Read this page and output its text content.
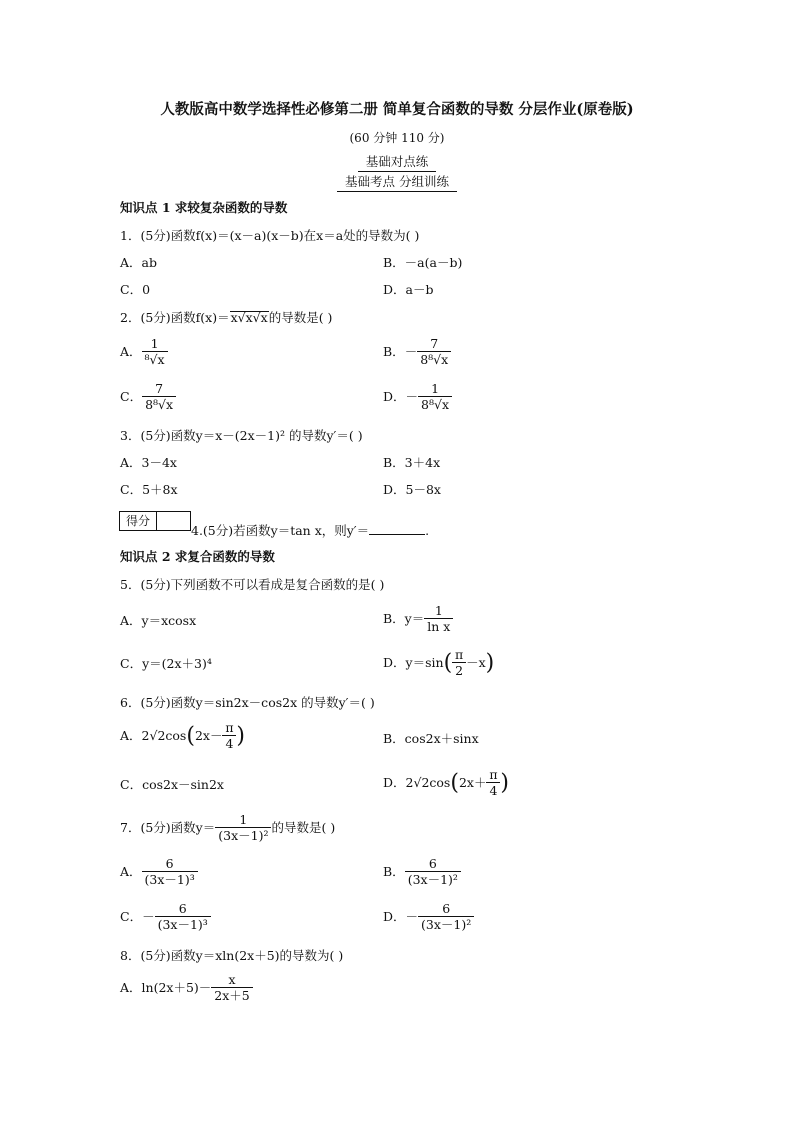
人教版高中数学选择性必修第二册 简单复合函数的导数 分层作业(原卷版)
(60 分钟 110 分)
基础对点练
基础考点 分组训练
知识点 1 求较复杂函数的导数
1．(5分)函数f(x)＝(x－a)(x－b)在x＝a处的导数为( )
A．ab	B．－a(a－b)
C．0	D．a－b
2．(5分)函数f(x)＝x√x√x的导数是( )
A． $\frac{1}{\text{⁸√x}}$	B．－ $\frac{7}{\text{8⁸√x}}$
C． $\frac{7}{\text{8⁸√x}}$	D．－ $\frac{1}{\text{8⁸√x}}$
3．(5分)函数y＝x－(2x－1)² 的导数y′＝( )
A．3－4x	B．3＋4x
C．5＋8x	D．5－8x
得分
4.(5分)若函数y＝tan x，则y′＝	.
知识点 2 求复合函数的导数
5．(5分)下列函数不可以看成是复合函数的是( )
A．y＝xcosx	B．$y= \frac{1}{\text{ln x}}$
C．y＝(2x＋3)⁴	D．$y=\sin( \frac{\pi}{2} -x)$
6．(5分)函数y＝sin2x－cos2x 的导数y′＝( )
A．$2√2\cos(2x- \frac{\pi}{4}$ )	B．cos2x＋sinx
C．cos2x－sin2x	D．$2√2\cos(2x+ \frac{\pi}{4}$ )
7．(5分)函数$y= \frac{1}{\text{(3x－1)²}}$ 的导数是( )
A． $\frac{6}{\text{(3x－1)³}}$	B． $\frac{6}{\text{(3x－1)²}}$
C．－ $\frac{6}{\text{(3x－1)³}}$	D．－ $\frac{6}{\text{(3x－1)²}}$
8．(5分)函数y＝xln(2x＋5)的导数为( )
A．$\ln(2x+5)- \frac{x}{2x+5}$
